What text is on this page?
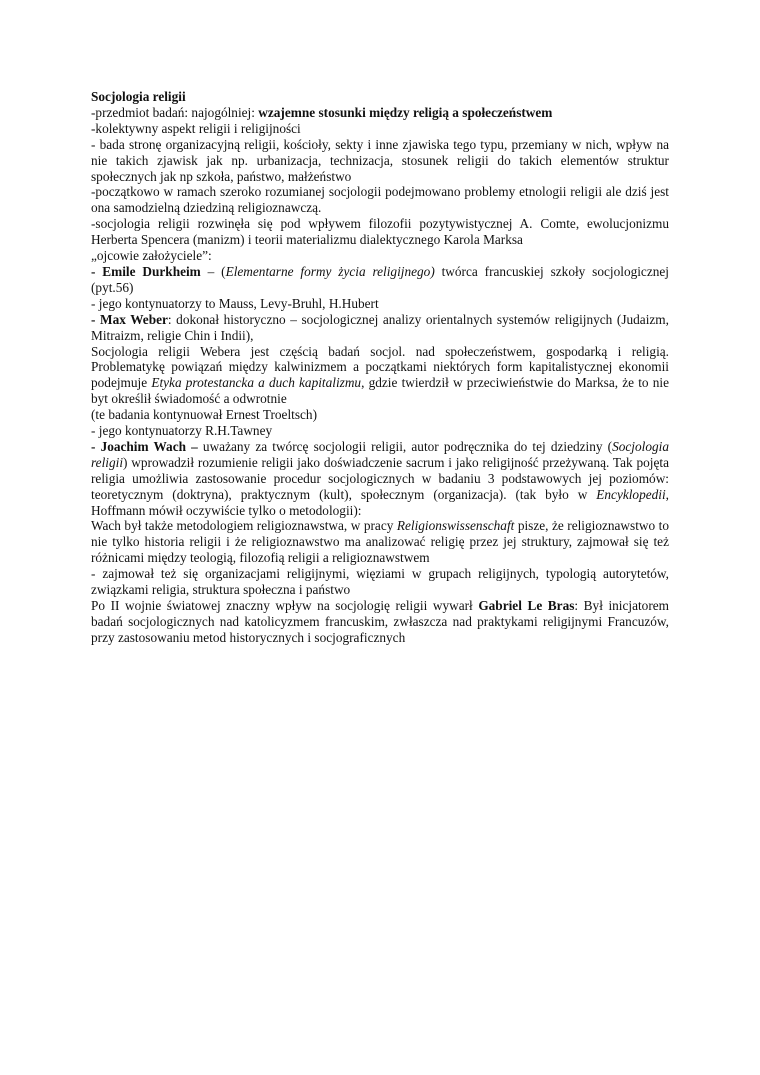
Socjologia religii

-przedmiot badań: najogólniej: wzajemne stosunki między religią a społeczeństwem

-kolektywny aspekt religii i religijności

- bada stronę organizacyjną religii, kościoły, sekty i inne zjawiska tego typu, przemiany w nich, wpływ na nie takich zjawisk jak np. urbanizacja, technizacja, stosunek religii do takich elementów struktur społecznych jak np szkoła, państwo, małżeństwo

-początkowo w ramach szeroko rozumianej socjologii podejmowano problemy etnologii religii ale dziś jest ona samodzielną dziedziną religioznawczą.

-socjologia religii rozwinęła się pod wpływem filozofii pozytywistycznej A. Comte, ewolucjonizmu Herberta Spencera (manizm) i teorii materializmu dialektycznego Karola Marksa

„ojcowie założyciele”:

- Emile Durkheim – (Elementarne formy życia religijnego) twórca francuskiej szkoły socjologicznej (pyt.56)

- jego kontynuatorzy to Mauss, Levy-Bruhl, H.Hubert

- Max Weber: dokonał historyczno – socjologicznej analizy orientalnych systemów religijnych (Judaizm, Mitraizm, religie Chin i Indii),

Socjologia religii Webera jest częścią badań socjol. nad społeczeństwem, gospodarką i religią. Problematykę powiązań między kalwinizmem a początkami niektórych form kapitalistycznej ekonomii podejmuje Etyka protestancka a duch kapitalizmu, gdzie twierdził w przeciwieństwie do Marksa, że to nie byt określił świadomość a odwrotnie

(te badania kontynuował Ernest Troeltsch)

- jego kontynuatorzy R.H.Tawney

- Joachim Wach – uważany za twórcę socjologii religii, autor podręcznika do tej dziedziny (Socjologia religii) wprowadził rozumienie religii jako doświadczenie sacrum i jako religijność przeżywaną. Tak pojęta religia umożliwia zastosowanie procedur socjologicznych w badaniu 3 podstawowych jej poziomów: teoretycznym (doktryna), praktycznym (kult), społecznym (organizacja). (tak było w Encyklopedii, Hoffmann mówił oczywiście tylko o metodologii):

Wach był także metodologiem religioznawstwa, w pracy Religionswissenschaft pisze, że religioznawstwo to nie tylko historia religii i że religioznawstwo ma analizować religię przez jej struktury, zajmował się też różnicami między teologią, filozofią religii a religioznawstwem

- zajmował też się organizacjami religijnymi, więziami w grupach religijnych, typologią autorytetów, związkami religia, struktura społeczna i państwo

Po II wojnie światowej znaczny wpływ na socjologię religii wywarł Gabriel Le Bras: Był inicjatorem badań socjologicznych nad katolicyzmem francuskim, zwłaszcza nad praktykami religijnymi Francuzów, przy zastosowaniu metod historycznych i socjograficznych
